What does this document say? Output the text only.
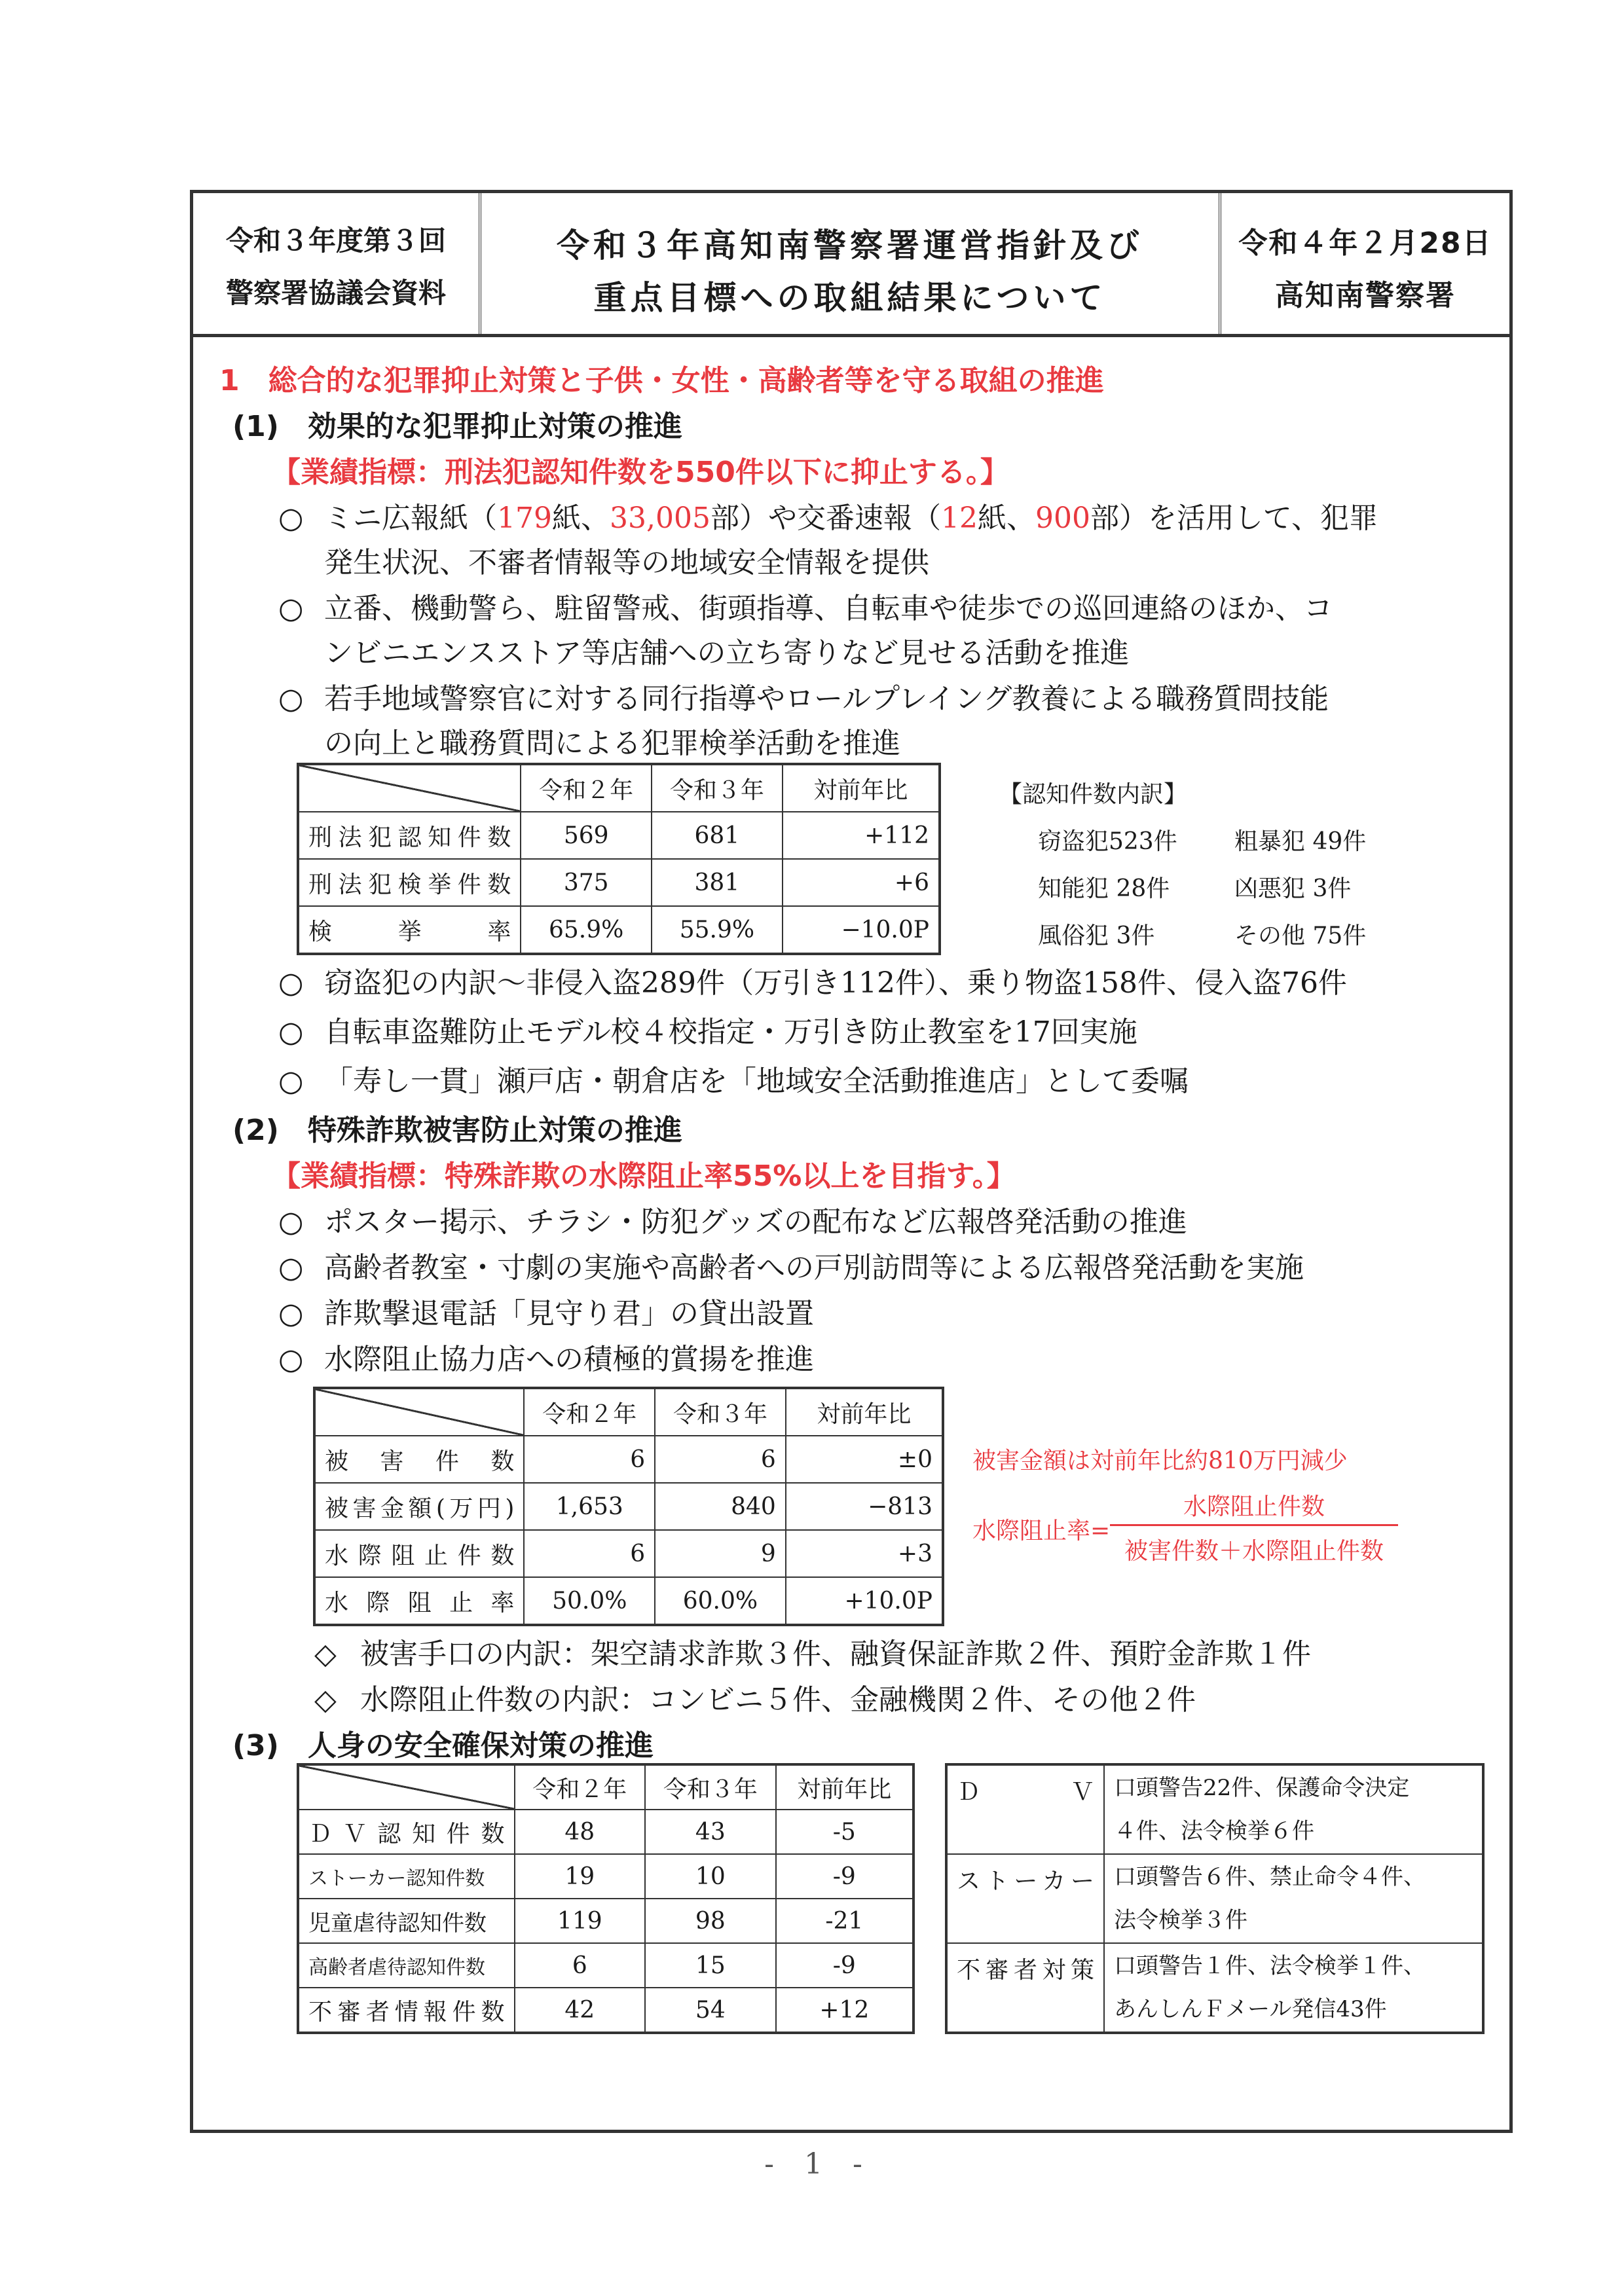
令和３年度第３回
警察署協議会資料
令和３年高知南警察署運営指針及び
重点目標への取組結果について
令和４年２月28日
高知南警察署
1　総合的な犯罪抑止対策と子供・女性・高齢者等を守る取組の推進
(1)　効果的な犯罪抑止対策の推進
【業績指標：刑法犯認知件数を550件以下に抑止する。】
○ ミニ広報紙（179紙、33,005部）や交番速報（12紙、900部）を活用して、犯罪
発生状況、不審者情報等の地域安全情報を提供
○ 立番、機動警ら、駐留警戒、街頭指導、自転車や徒歩での巡回連絡のほか、コ
ンビニエンスストア等店舗への立ち寄りなど見せる活動を推進
○ 若手地域警察官に対する同行指導やロールプレイング教養による職務質問技能
の向上と職務質問による犯罪検挙活動を推進
	令和２年	令和３年	対前年比
刑法犯認知件数	569	681	+112
刑法犯検挙件数	375	381	+6
検挙率	65.9%	55.9%	−10.0P
【認知件数内訳】
窃盗犯523件 粗暴犯 49件
知能犯 28件	凶悪犯 3件
風俗犯 3件	その他 75件
○ 窃盗犯の内訳～非侵入盗289件（万引き112件）、乗り物盗158件、侵入盗76件
○ 自転車盗難防止モデル校４校指定・万引き防止教室を17回実施
○ 「寿し一貫」瀬戸店・朝倉店を「地域安全活動推進店」として委嘱
(2)　特殊詐欺被害防止対策の推進
【業績指標：特殊詐欺の水際阻止率55%以上を目指す。】
○ ポスター掲示、チラシ・防犯グッズの配布など広報啓発活動の推進
○ 高齢者教室・寸劇の実施や高齢者への戸別訪問等による広報啓発活動を実施
○ 詐欺撃退電話「見守り君」の貸出設置
○ 水際阻止協力店への積極的賞揚を推進
	令和２年	令和３年	対前年比
被害件数	6	6	±0
被害金額(万円)	1,653	840	−813
水際阻止件数	6	9	+3
水際阻止率	50.0%	60.0%	+10.0P
被害金額は対前年比約810万円減少
水際阻止率=
水際阻止件数
被害件数＋水際阻止件数
◇ 被害手口の内訳：架空請求詐欺３件、融資保証詐欺２件、預貯金詐欺１件
◇ 水際阻止件数の内訳：コンビニ５件、金融機関２件、その他２件
(3)　人身の安全確保対策の推進
	令和２年	令和３年	対前年比
ＤＶ認知件数	48	43	-5
ストーカー認知件数	19	10	-9
児童虐待認知件数	119	98	-21
高齢者虐待認知件数	6	15	-9
不審者情報件数	42	54	+12
ＤＶ	口頭警告22件、保護命令決定
４件、法令検挙６件

ストーカー	口頭警告６件、禁止命令４件、
法令検挙３件

不審者対策	口頭警告１件、法令検挙１件、
あんしんＦメール発信43件
- 1 -
